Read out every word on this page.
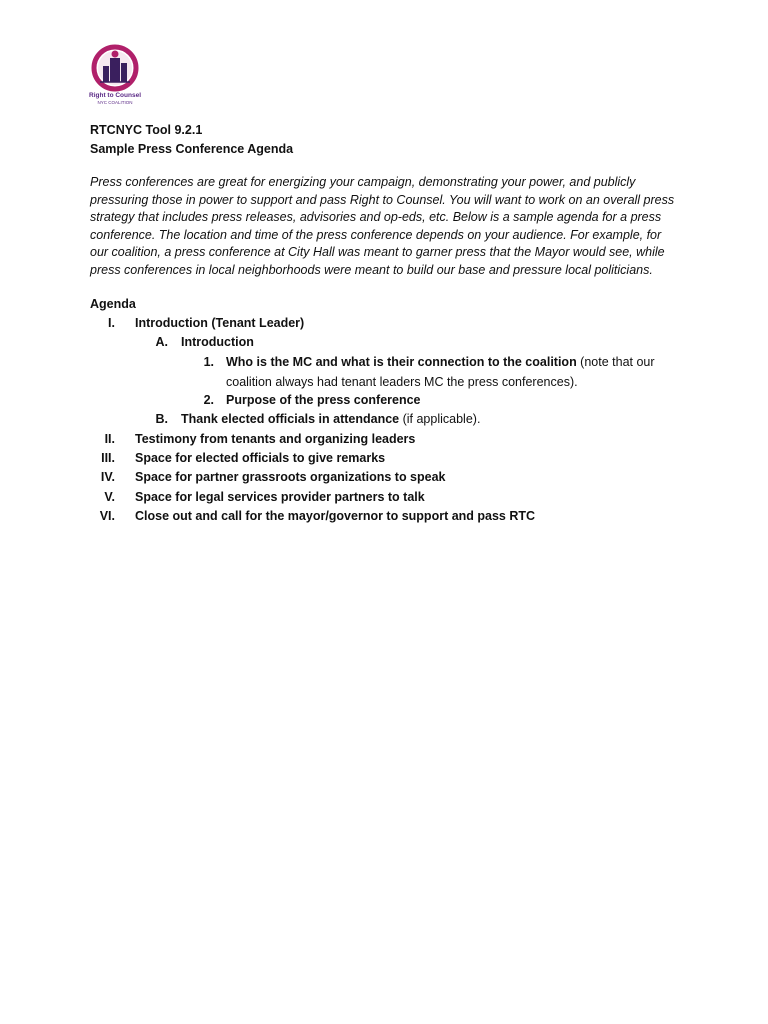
Right to Counsel
NYC COALITION
RTCNYC Tool 9.2.1
Sample Press Conference Agenda
Press conferences are great for energizing your campaign, demonstrating your power, and publicly
pressuring those in power to support and pass Right to Counsel. You will want to work on an overall press
strategy that includes press releases, advisories and op-eds, etc. Below is a sample agenda for a press
conference. The location and time of the press conference depends on your audience. For example, for
our coalition, a press conference at City Hall was meant to garner press that the Mayor would see, while
press conferences in local neighborhoods were meant to build our base and pressure local politicians.
Agenda
I. Introduction (Tenant Leader)
A. Introduction
1. Who is the MC and what is their connection to the coalition (note that our
coalition always had tenant leaders MC the press conferences).
2. Purpose of the press conference
B. Thank elected officials in attendance (if applicable).
II. Testimony from tenants and organizing leaders
III. Space for elected officials to give remarks
IV. Space for partner grassroots organizations to speak
V. Space for legal services provider partners to talk
VI. Close out and call for the mayor/governor to support and pass RTC
